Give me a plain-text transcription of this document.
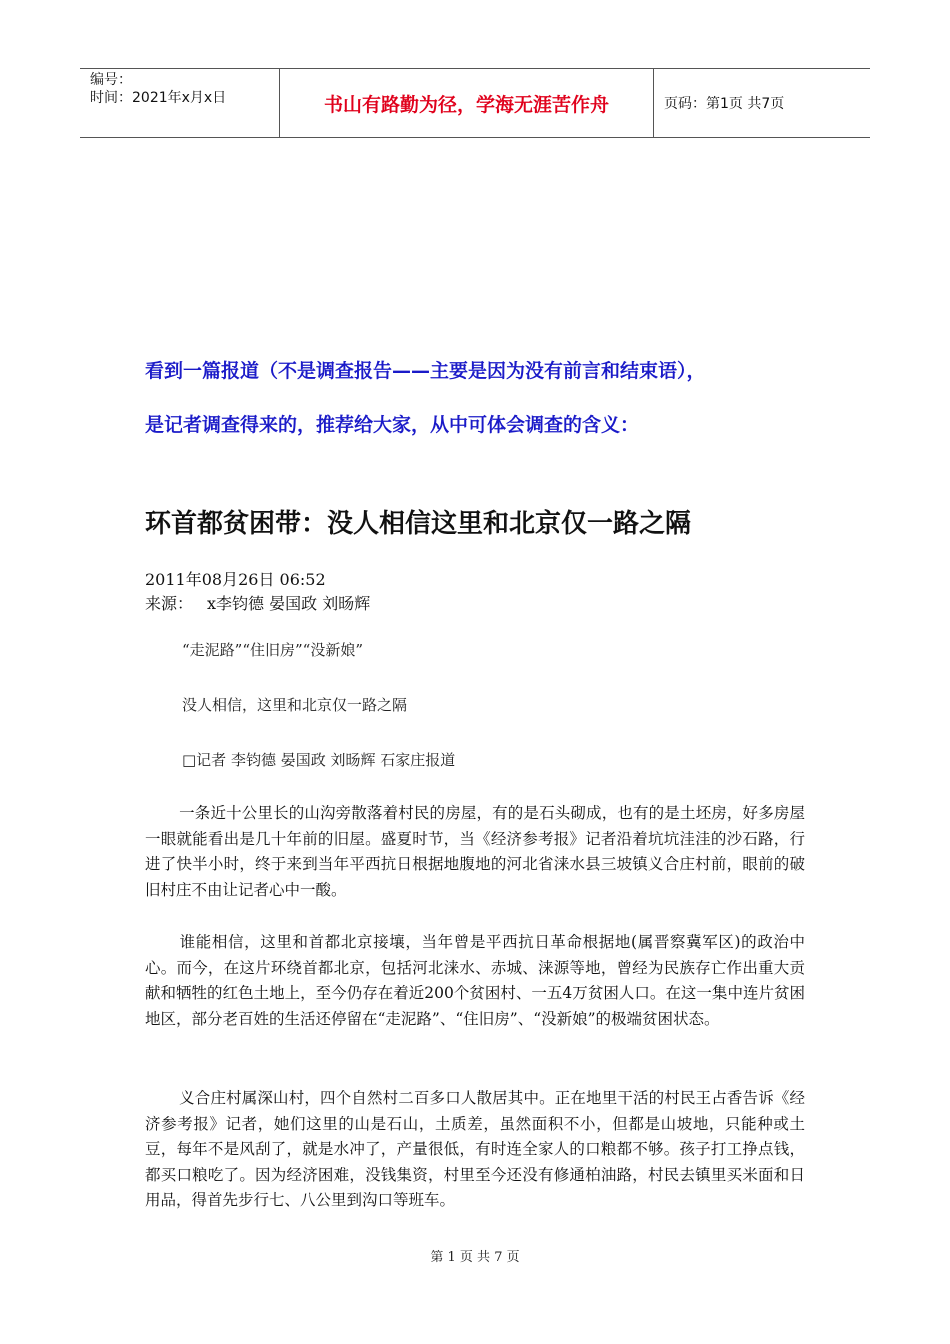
编号：
时间：2021年x月x日	书山有路勤为径，学海无涯苦作舟	页码：第1页 共7页

看到一篇报道（不是调查报告——主要是因为没有前言和结束语），

是记者调查得来的，推荐给大家，从中可体会调查的含义：

环首都贫困带：没人相信这里和北京仅一路之隔
2011年08月26日 06:52
来源： x李钧德 晏国政 刘旸辉
“走泥路”“住旧房”“没新娘”
没人相信，这里和北京仅一路之隔
□记者 李钧德 晏国政 刘旸辉 石家庄报道

一条近十公里长的山沟旁散落着村民的房屋，有的是石头砌成，也有的是土坯房，好多房屋一眼就能看出是几十年前的旧屋。盛夏时节，当《经济参考报》记者沿着坑坑洼洼的沙石路，行进了快半小时，终于来到当年平西抗日根据地腹地的河北省涞水县三坡镇义合庄村前，眼前的破旧村庄不由让记者心中一酸。

谁能相信，这里和首都北京接壤，当年曾是平西抗日革命根据地(属晋察冀军区)的政治中心。而今，在这片环绕首都北京，包括河北涞水、赤城、涞源等地，曾经为民族存亡作出重大贡献和牺牲的红色土地上，至今仍存在着近200个贫困村、一五4万贫困人口。在这一集中连片贫困地区，部分老百姓的生活还停留在“走泥路”、“住旧房”、“没新娘”的极端贫困状态。

义合庄村属深山村，四个自然村二百多口人散居其中。正在地里干活的村民王占香告诉《经济参考报》记者，她们这里的山是石山，土质差，虽然面积不小，但都是山坡地，只能种或土豆，每年不是风刮了，就是水冲了，产量很低，有时连全家人的口粮都不够。孩子打工挣点钱，都买口粮吃了。因为经济困难，没钱集资，村里至今还没有修通柏油路，村民去镇里买米面和日用品，得首先步行七、八公里到沟口等班车。

第 1 页 共 7 页
